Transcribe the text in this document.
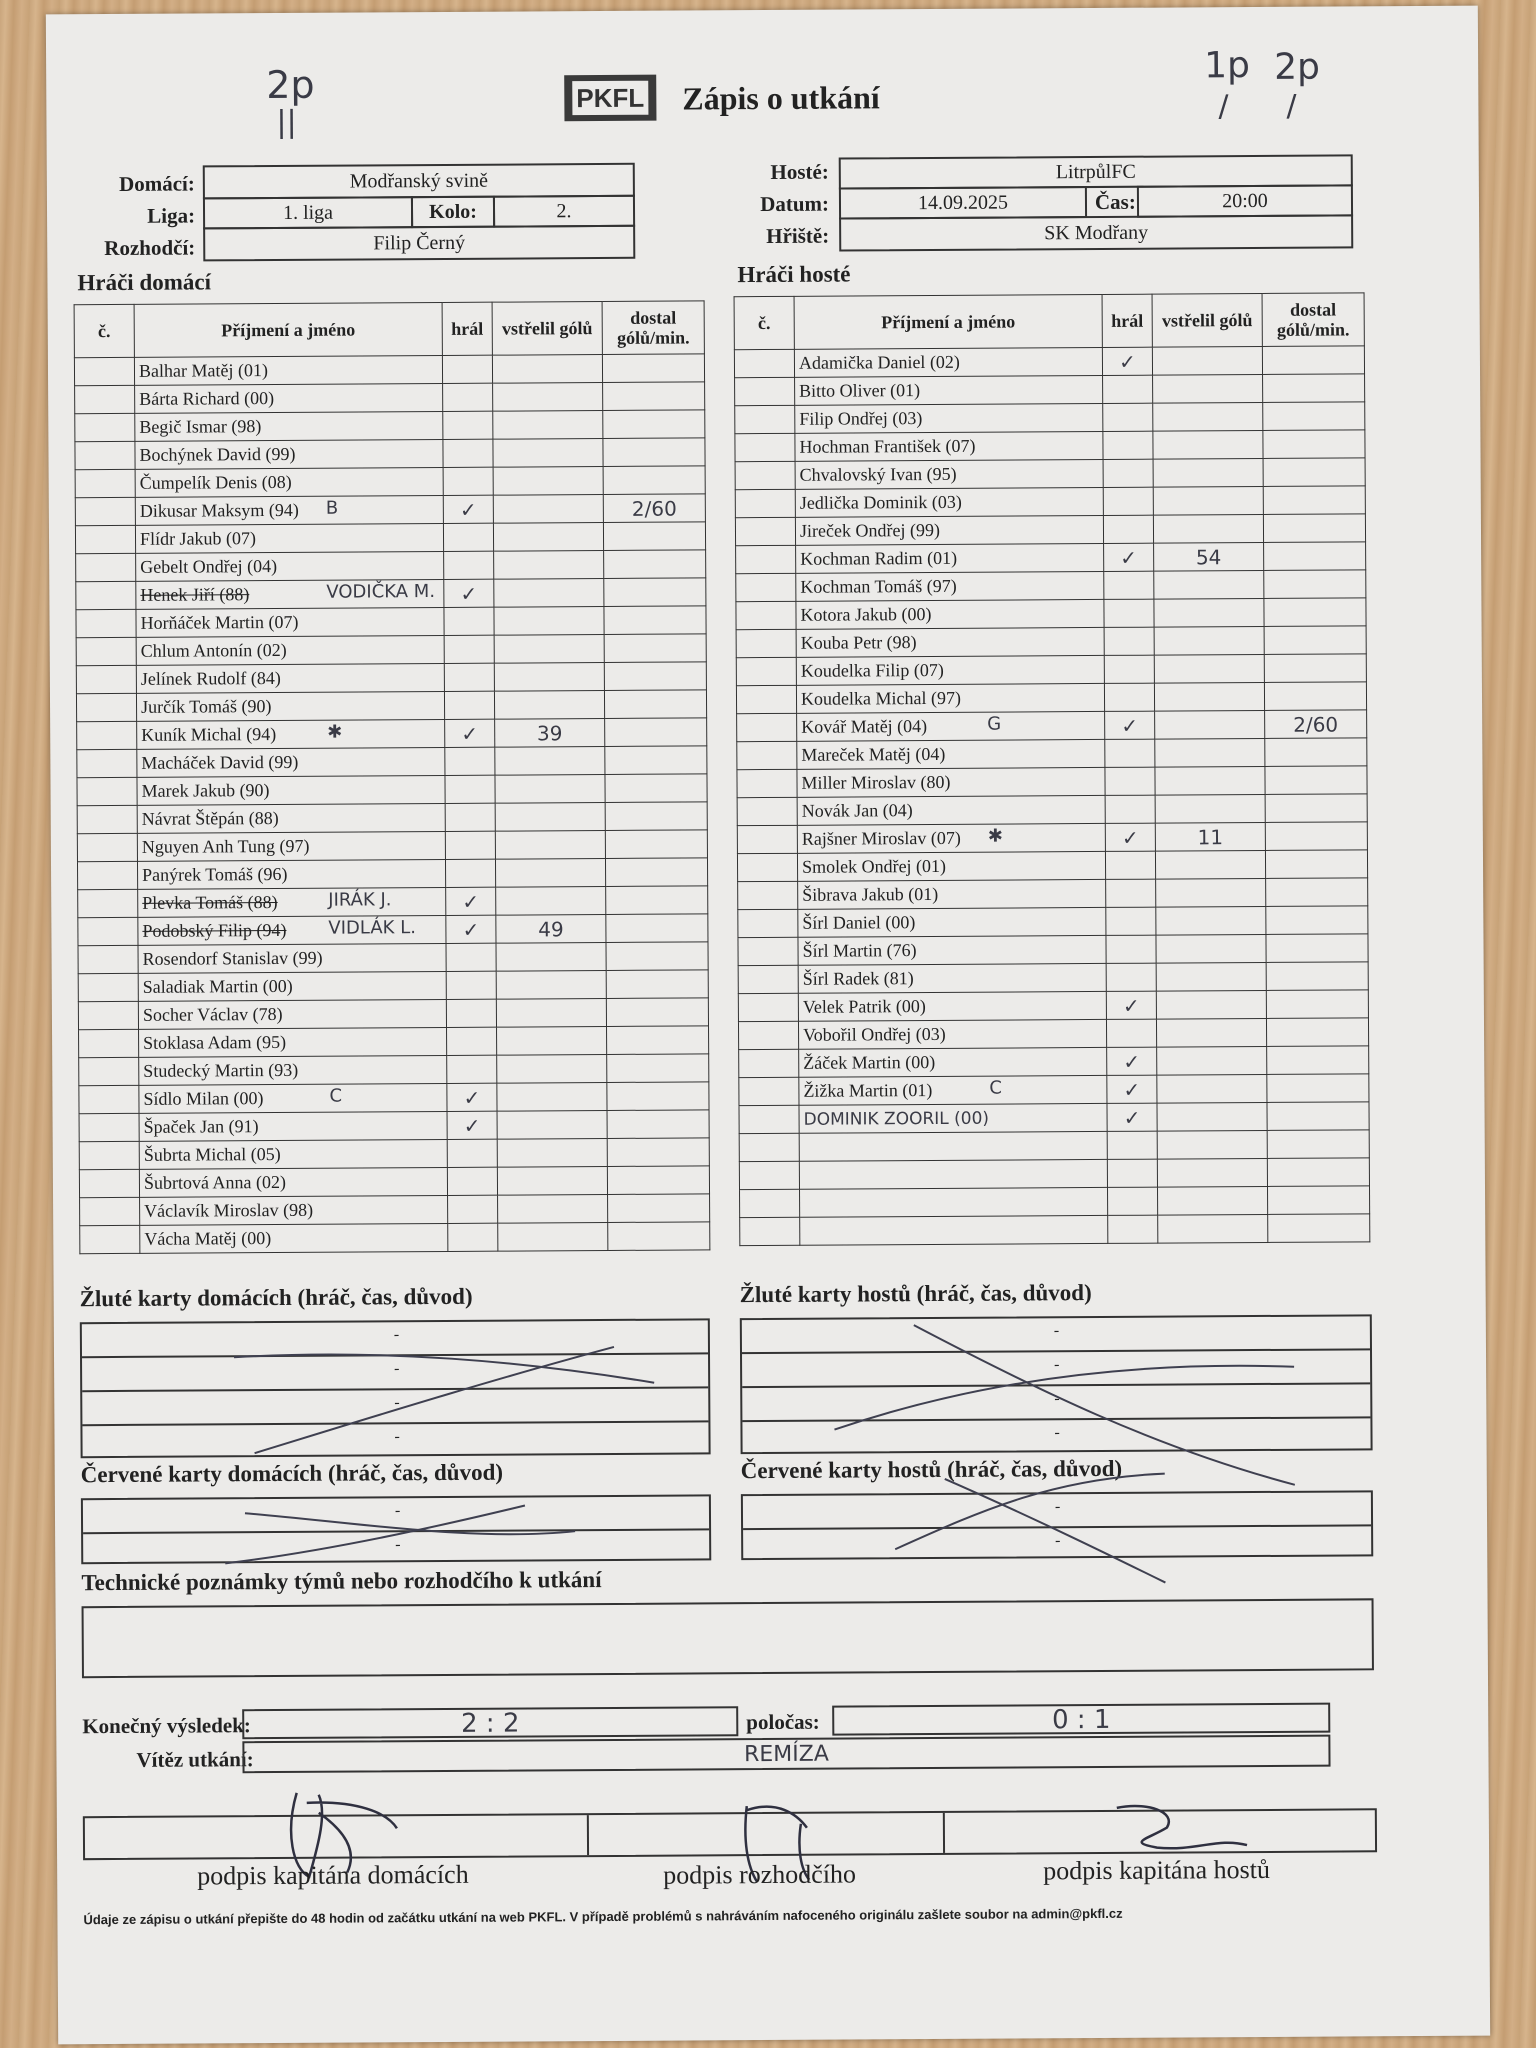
2p
||
1p
/
2p
/
PKFL	Zápis o utkání
Domácí:	Modřanský svině
Liga:	1. liga	Kolo:	2.
Rozhodčí:	Filip Černý
Hosté:	LitrpůlFC
Datum:	14.09.2025	Čas:	20:00
Hřiště:	SK Modřany
Hráči domácí	Hráči hosté
č.	Příjmení a jméno	hrál	vstřelil gólů	dostal gólů/min.
	Balhar Matěj (01)

	Bárta Richard (00)

	Begič Ismar (98)

	Bochýnek David (99)

	Čumpelík Denis (08)

	Dikusar Maksym (94) B	✓		2/60
	Flídr Jakub (07)

	Gebelt Ondřej (04)

	Henek Jiří (88) VODIČKA M.	✓		
	Horňáček Martin (07)

	Chlum Antonín (02)

	Jelínek Rudolf (84)

	Jurčík Tomáš (90)

	Kuník Michal (94) ✱	✓	39	
	Macháček David (99)

	Marek Jakub (90)

	Návrat Štěpán (88)

	Nguyen Anh Tung (97)

	Panýrek Tomáš (96)

	Plevka Tomáš (88) JIRÁK J.	✓		
	Podobský Filip (94) VIDLÁK L.	✓	49	
	Rosendorf Stanislav (99)

	Saladiak Martin (00)

	Socher Václav (78)

	Stoklasa Adam (95)

	Studecký Martin (93)

	Sídlo Milan (00) C	✓		
	Špaček Jan (91)	✓		
	Šubrta Michal (05)

	Šubrtová Anna (02)

	Václavík Miroslav (98)

	Vácha Matěj (00)

č.	Příjmení a jméno	hrál	vstřelil gólů	dostal gólů/min.
	Adamička Daniel (02)	✓		
	Bitto Oliver (01)

	Filip Ondřej (03)

	Hochman František (07)

	Chvalovský Ivan (95)

	Jedlička Dominik (03)

	Jireček Ondřej (99)

	Kochman Radim (01)	✓	54	
	Kochman Tomáš (97)

	Kotora Jakub (00)

	Kouba Petr (98)

	Koudelka Filip (07)

	Koudelka Michal (97)

	Kovář Matěj (04) G	✓		2/60
	Mareček Matěj (04)

	Miller Miroslav (80)

	Novák Jan (04)

	Rajšner Miroslav (07) ✱	✓	11	
	Smolek Ondřej (01)

	Šibrava Jakub (01)

	Šírl Daniel (00)

	Šírl Martin (76)

	Šírl Radek (81)

	Velek Patrik (00)	✓		
	Vobořil Ondřej (03)

	Žáček Martin (00)	✓		
	Žižka Martin (01) C	✓		
	DOMINIK ZOORIL (00)	✓		

Žluté karty domácích (hráč, čas, důvod)	Žluté karty hostů (hráč, čas, důvod)
-
-
-
-
-
-
-
-
Červené karty domácích (hráč, čas, důvod)	Červené karty hostů (hráč, čas, důvod)
-
-
-
-
Technické poznámky týmů nebo rozhodčího k utkání
Konečný výsledek:	2 : 2	poločas:	0 : 1
Vítěz utkání:	REMÍZA
podpis kapitána domácích	podpis rozhodčího	podpis kapitána hostů
Údaje ze zápisu o utkání přepište do 48 hodin od začátku utkání na web PKFL. V případě problémů s nahráváním nafoceného originálu zašlete soubor na admin@pkfl.cz
